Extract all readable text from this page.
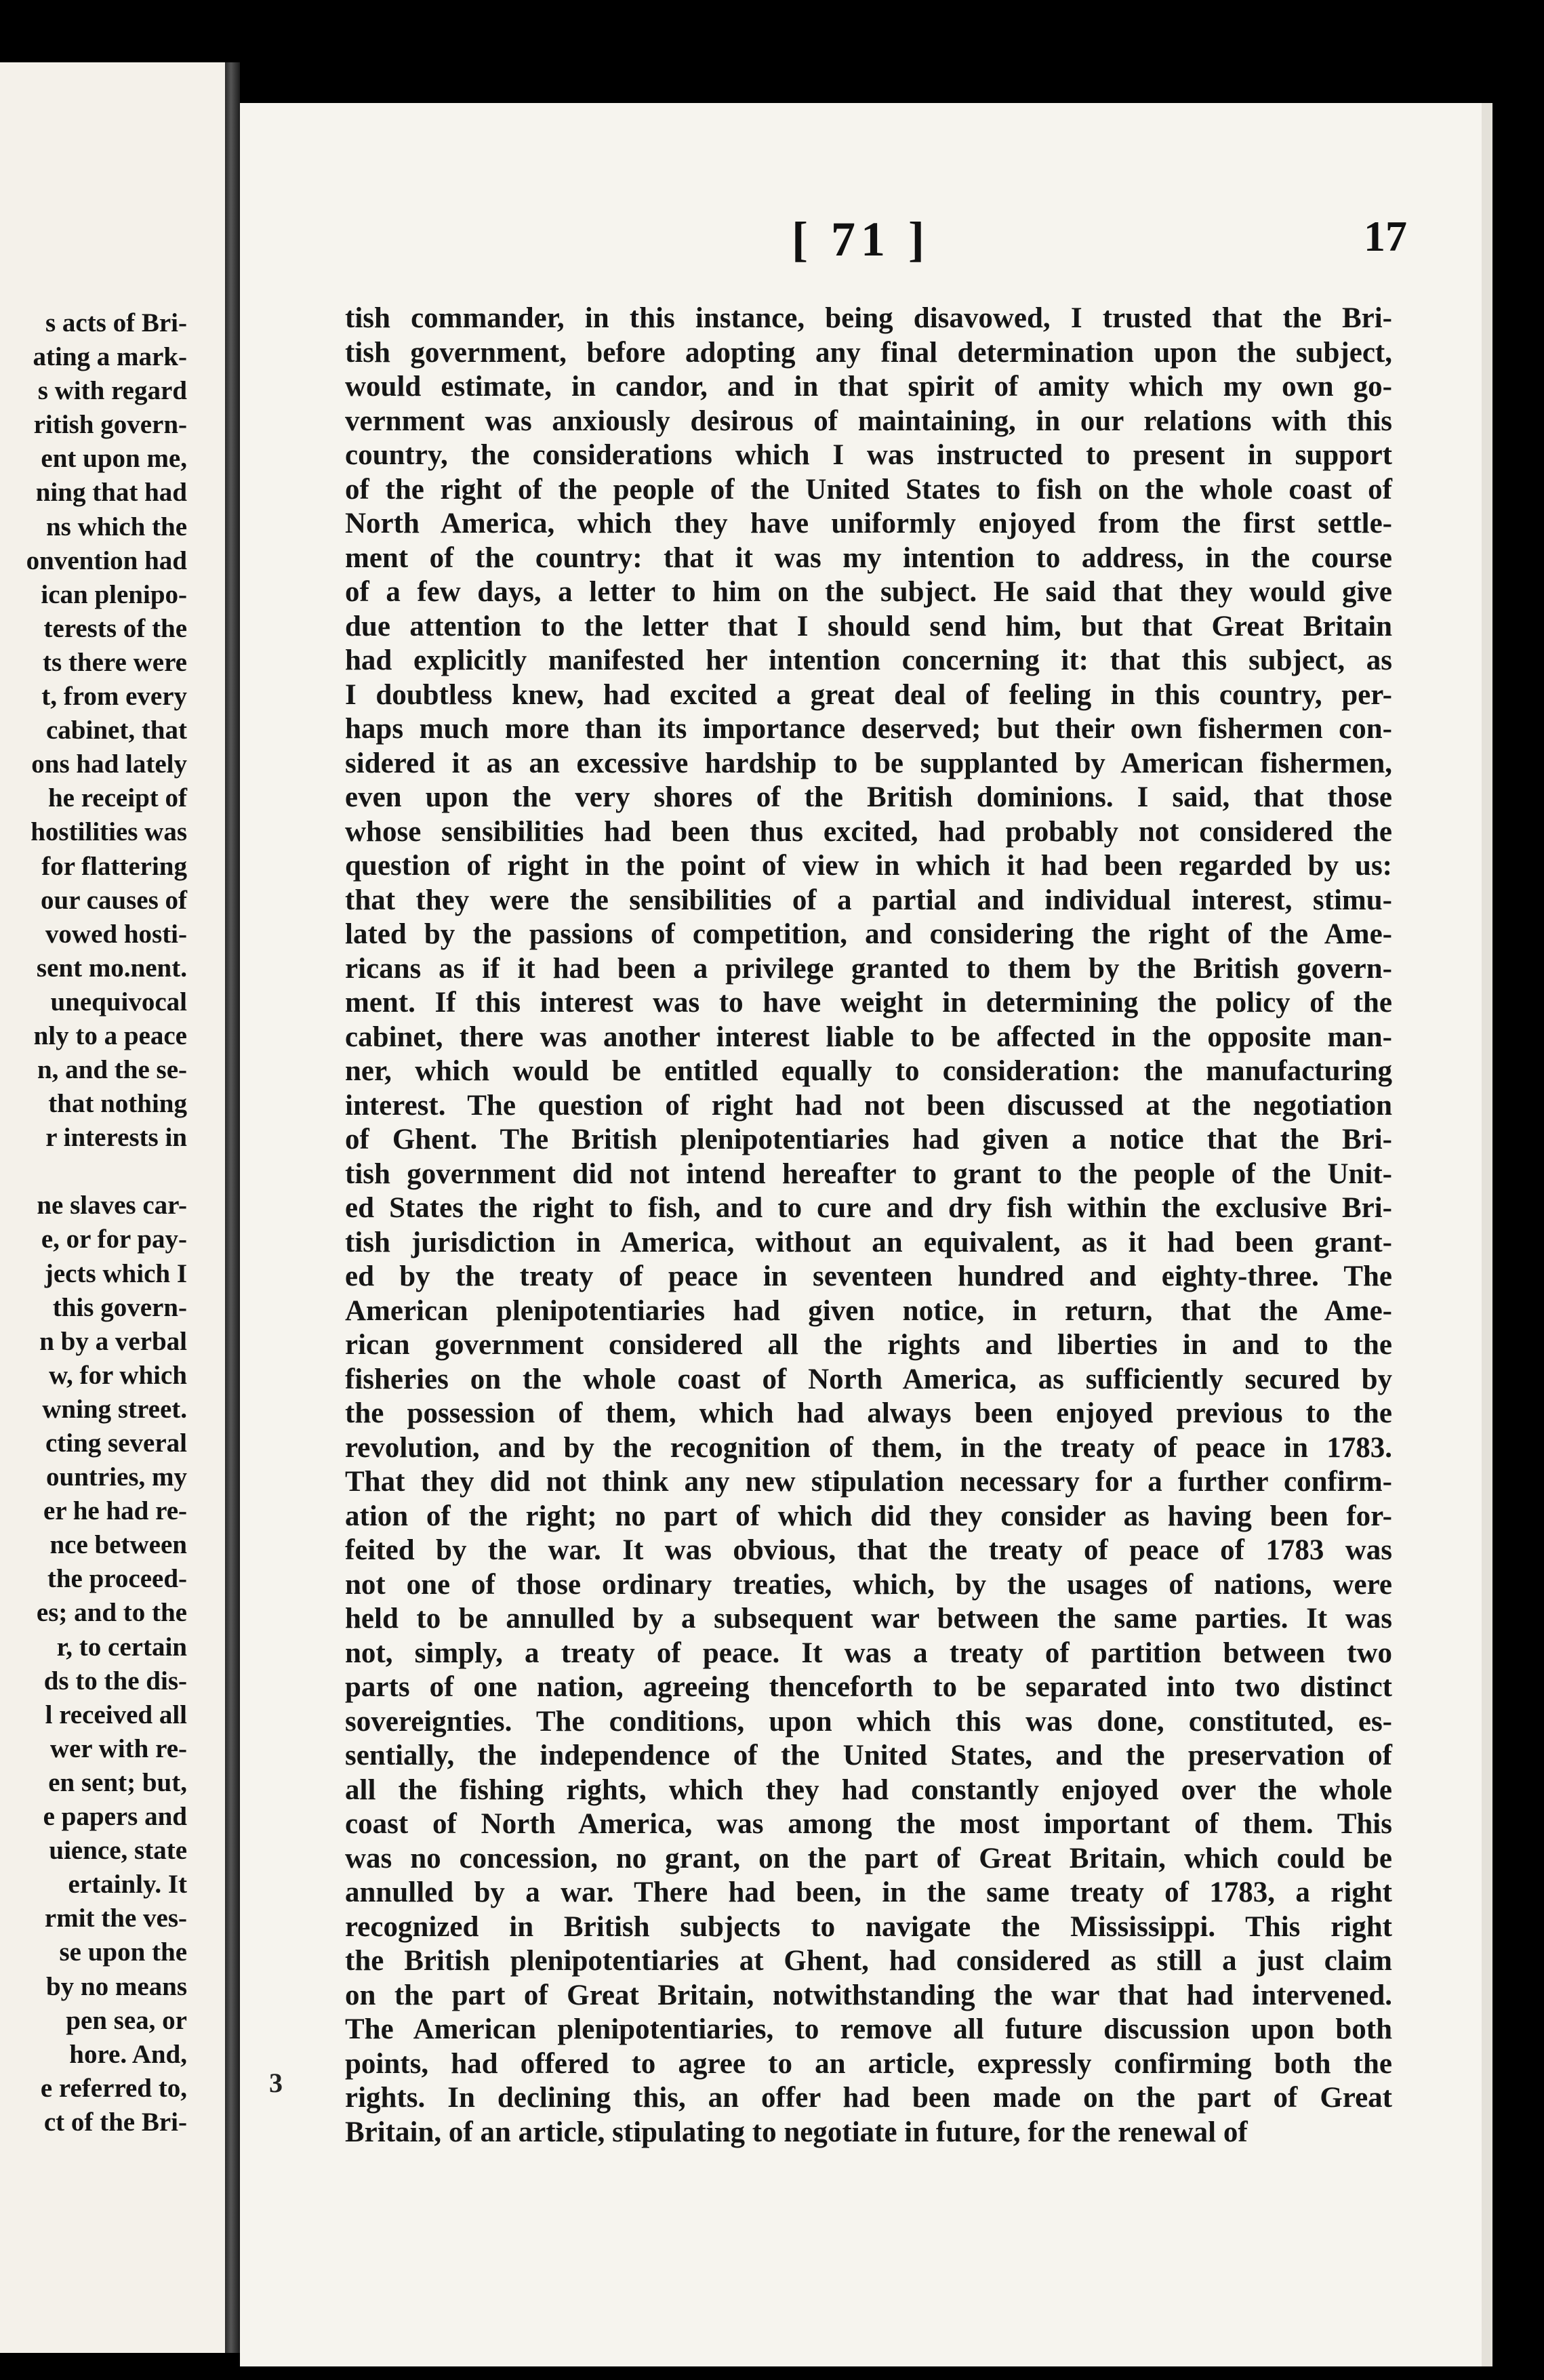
s acts of Bri-
ating a mark-
s with regard
ritish govern-
ent upon me,
ning that had
ns which the
onvention had
ican plenipo-
terests of the
ts there were
t, from every
cabinet, that
ons had lately
he receipt of
hostilities was
for flattering
our causes of
vowed hosti-
sent mo.nent.
unequivocal
nly to a peace
n, and the se-
that nothing
r interests in
ne slaves car-
e, or for pay-
jects which I
this govern-
n by a verbal
w, for which
wning street.
cting several
ountries, my
er he had re-
nce between
the proceed-
es; and to the
r, to certain
ds to the dis-
l received all
wer with re-
en sent; but,
e papers and
uience, state
ertainly. It
rmit the ves-
se upon the
by no means
pen sea, or
hore. And,
e referred to,
ct of the Bri-
[ 71 ]	17
tish commander, in this instance, being disavowed, I trusted that the Bri-
tish government, before adopting any final determination upon the subject,
would estimate, in candor, and in that spirit of amity which my own go-
vernment was anxiously desirous of maintaining, in our relations with this
country, the considerations which I was instructed to present in support
of the right of the people of the United States to fish on the whole coast of
North America, which they have uniformly enjoyed from the first settle-
ment of the country: that it was my intention to address, in the course
of a few days, a letter to him on the subject. He said that they would give
due attention to the letter that I should send him, but that Great Britain
had explicitly manifested her intention concerning it: that this subject, as
I doubtless knew, had excited a great deal of feeling in this country, per-
haps much more than its importance deserved; but their own fishermen con-
sidered it as an excessive hardship to be supplanted by American fishermen,
even upon the very shores of the British dominions. I said, that those
whose sensibilities had been thus excited, had probably not considered the
question of right in the point of view in which it had been regarded by us:
that they were the sensibilities of a partial and individual interest, stimu-
lated by the passions of competition, and considering the right of the Ame-
ricans as if it had been a privilege granted to them by the British govern-
ment. If this interest was to have weight in determining the policy of the
cabinet, there was another interest liable to be affected in the opposite man-
ner, which would be entitled equally to consideration: the manufacturing
interest. The question of right had not been discussed at the negotiation
of Ghent. The British plenipotentiaries had given a notice that the Bri-
tish government did not intend hereafter to grant to the people of the Unit-
ed States the right to fish, and to cure and dry fish within the exclusive Bri-
tish jurisdiction in America, without an equivalent, as it had been grant-
ed by the treaty of peace in seventeen hundred and eighty-three. The
American plenipotentiaries had given notice, in return, that the Ame-
rican government considered all the rights and liberties in and to the
fisheries on the whole coast of North America, as sufficiently secured by
the possession of them, which had always been enjoyed previous to the
revolution, and by the recognition of them, in the treaty of peace in 1783.
That they did not think any new stipulation necessary for a further confirm-
ation of the right; no part of which did they consider as having been for-
feited by the war. It was obvious, that the treaty of peace of 1783 was
not one of those ordinary treaties, which, by the usages of nations, were
held to be annulled by a subsequent war between the same parties. It was
not, simply, a treaty of peace. It was a treaty of partition between two
parts of one nation, agreeing thenceforth to be separated into two distinct
sovereignties. The conditions, upon which this was done, constituted, es-
sentially, the independence of the United States, and the preservation of
all the fishing rights, which they had constantly enjoyed over the whole
coast of North America, was among the most important of them. This
was no concession, no grant, on the part of Great Britain, which could be
annulled by a war. There had been, in the same treaty of 1783, a right
recognized in British subjects to navigate the Mississippi. This right
the British plenipotentiaries at Ghent, had considered as still a just claim
on the part of Great Britain, notwithstanding the war that had intervened.
The American plenipotentiaries, to remove all future discussion upon both
points, had offered to agree to an article, expressly confirming both the
rights. In declining this, an offer had been made on the part of Great
Britain, of an article, stipulating to negotiate in future, for the renewal of
3
